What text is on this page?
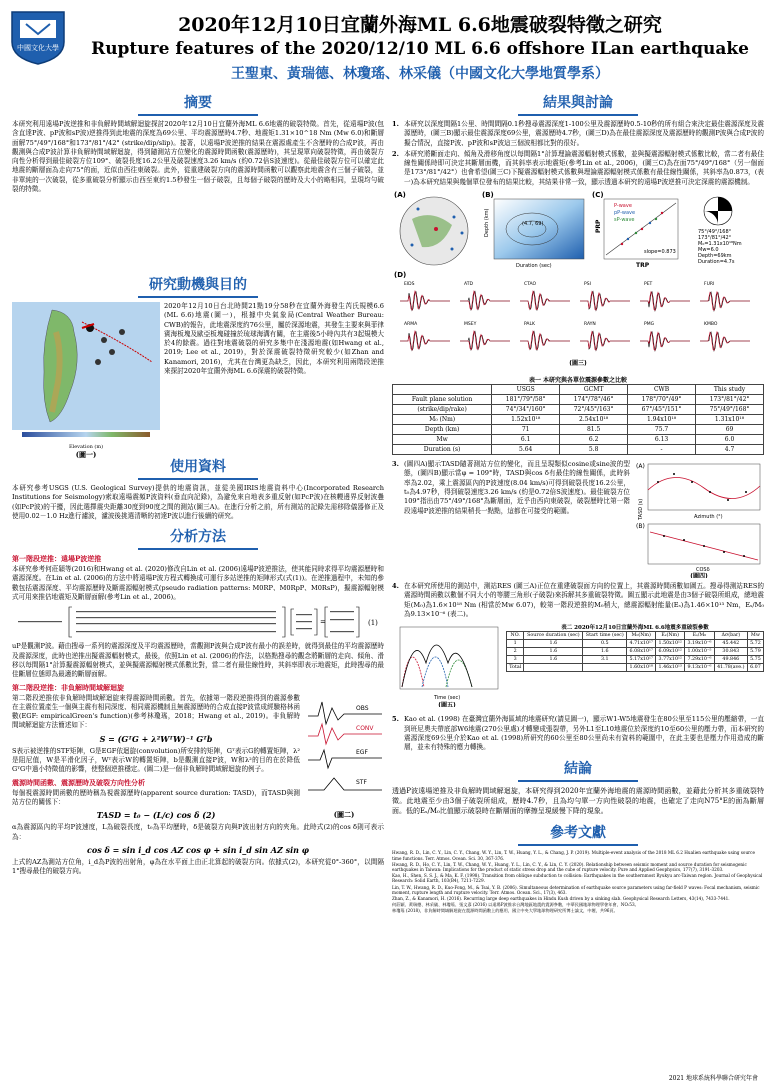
中國文化大學
2020年12月10日宜蘭外海ML 6.6地震破裂特徵之研究
Rupture features of the 2020/12/10 ML 6.6 offshore ILan earthquake
王聖東、黃瑞德、林瓊瑤、林采儀（中國文化大學地質學系）
摘要

本研究利用遠場P波逆推和非負解時間域解迴旋探討2020年12月10日宜蘭外海ML 6.6地震的破裂特徵。首先，從遠場P波(包含直達P波、pP波和sP波)逆推得到此地震的深度為69公里、平均震源歷時4.7秒、地震矩1.31×10^18 Nm (Mw 6.0)和斷層面解75°/49°/168°和173°/81°/42° (strike/dip/slip)。接著，以遠場P波逆推的結果在震源處產生不含歷時的合成P波，再由觀測與合成P波計算非負解時間域解迴旋，得到隨測站方位變化的震源時間函數(震源歷時)，其呈現單向破裂特徵，再由破裂方向性分析得到最佳破裂方位109°、破裂長度16.2公里及破裂速度3.26 km/s (約0.72倍S波速度)。從最佳破裂方位可以確定此地震的斷層面為走向75°的面，近似由西往東破裂。此外，從重建破裂方向的震源時間函數可以觀察此地震含有三個子破裂，並非單純的一次破裂，從多重破裂分析顯示由西至東約1.5秒發生一個子破裂，且每個子破裂的歷時及大小的略相同，呈現均勻破裂的特徵。

研究動機與目的
Elevation (m)
(圖一)

2020年12月10日台北時間21點19分58秒在宜蘭外海發生芮氏規模6.6 (ML 6.6)地震(圖一)，根據中央氣象局(Central Weather Bureau: CWB)的報告，此地震深度約76公里，屬於深源地震，其發生主要來與菲律賓海板塊及歐亞板塊碰撞於琉球海溝有關，在主震後5小時內共有3起規模大於4的餘震。過往對地震破裂的研究多集中在淺源地震(如Hwang et al., 2019; Lee et al., 2019)，對於深震破裂特徵研究較少(如Zhan and Kanamori, 2016)，尤其在台灣更為缺乏，因此，本研究利用兩階段逆推來探討2020年宜蘭外海ML 6.6深震的破裂特徵。

使用資料

本研究參考USGS (U.S. Geological Survey)提供的地震資訊，並從美國IRIS地震資料中心(Incorporated Research Institutions for Seismology)索取遠場震頻P波資料(垂直向記錄)，為避免來自地表多重反射(如PcP波)在核幔邊界反射波疊(如PcP波)的干擾，因此選擇震央距離30度到90度之間的測站(圖三A)。在進行分析之前，所有測站的記錄先需移除儀器修正及使用0.02－1.0 Hz進行濾波，濾波後挑選清晰的初達P波以進行後續的研究。

分析方法
第一階段逆推：遠場P波逆推

本研究參考何莊穎等(2016)和Hwang et al. (2020)修改自Lin et al. (2006)遠場P波逆推法，使其能同時求得平均震源歷時和震源深度。在Lin et al. (2006)的方法中將遠場P波方程式轉換成可運行多站逆推的矩陣形式(式(1))。在逆推過程中，未知的參數包括震源深度、平均震源歷時及斷震源輻射模式(pseudo radiation patterns: M0RP、M0RpP、M0RsP)，擬震源輻射模式可用來推估地震矩及斷層面解(參考Lin et al., 2006)。

=	(1)

uP是觀測P波。藉由搜尋一系列的震源深度及平均震源歷時，當觀測P波與合成P波有最小的誤差時，就得到最佳的平均震源歷時及震源深度，此時也逆推出擬震源輻射模式，最後，依照Lin et al. (2006)的作法，以格點搜尋的觀念將斷層的走向、傾角、滑移以每間隔1°計算擬震源輻射模式，並與擬震源輻射模式係數比對，當二者有最佳線性時，其斜率即表示地震矩，此時搜尋的最佳斷層位態即為最適的斷層面解。

第二階段逆推：非負解時間域解迴旋
OBS
CONV
EGF
STF
(圖二)

第二階段逆推依非負解時間域解迴旋來得震源時間函數。首先，依據第一階段逆推得到的震源參數在主震位置產生一個與主震有相同深度、相同震源機制且無震源歷時的合成直接P波當成經驗格林函數(EGF: empiricalGreen's function)(參考林瓊瑤，2018；Hwang et al., 2019)。非負解時間域解迴旋方法簡述如下：

S = (GᵀG + λ²WᵀW)⁻¹ Gᵀb

S表示被逆推的STF矩陣，G是EGF依迴旋(convolution)所安排的矩陣，Gᵀ表示G的轉置矩陣，λ²是阻尼值，W是平滑化因子，Wᵀ表示W的轉置矩陣，b是觀測直接P波，W和λ²的目的在於降低GᵀG中過小特徵值的影響，使整個逆推穩定。(圖二)是一個非負解時間域解迴旋的例子。

震源時間函數、震源歷時及破裂方向性分析

每個視震源時間函數的歷時稱為視震源歷時(apparent source duration: TASD)，而TASD與測站方位的關係下：

TASD = t₀ − (L/c) cos δ (2)

α為震源區內的平均P波速度，L為破裂長度，t₀為平均歷時，δ是破裂方向與P波出射方向的夾角。此時式(2)的cos δ則可表示為：

cos δ = sin i_d cos AZ cos φ + sin i_d sin AZ sin φ

上式的AZ為測站方位角，i_d為P波的出射角，φ為在水平面上由正北算起的破裂方向。依據式(2)，本研究從0°-360°，以間隔1°搜尋最佳的破裂方向。

結果與討論
1. 本研究以深度間隔1公里、時間間隔0.1秒搜尋震源深度1-100公里及震源歷時0.5-10秒的所有組合來決定最佳震源深度及震源歷時，(圖三B)顯示最佳震源深度69公里，震源歷時4.7秒，(圖三D)為在最佳震源深度及震源歷時的觀測P波與合成P波的擬合情況，直接P波、pP波和sP波這三個波相都比對的很好。
2. 本研究將斷面走向、傾角及滑移角度以每間隔1°計算理論震源輻射模式係數，並與擬震源輻射模式係數比較，當二者有最佳線性關係時即可決定其斷層面機，而其斜率表示地震矩(參考Lin et al., 2006)，(圖三C)為在面75°/49°/168°（另一個面是173°/81°/42°）也會希望(圖三C)下擬震源輻射模式係數與理論震源輻射模式係數有最佳線性關係，其斜率為0.873，(表一)為本研究結果與幾個單位發布的結果比較，其結果非常一致，顯示透過本研究的遠場P波逆推可決定深震的震源機制。
(A)	(B)
(4.7, 69)
Duration (sec)
Depth (km)
(C)
P-wave
pP-wave
sP-wave
slope=0.873
TRP
PRP	75°/49°/168°
173°/81°/42°
M₀=1.31x10¹⁸Nm
Mw=6.0
Depth=69km
Duration=4.7s
(D)
EIDS	ATD	CTAO	PSI	PET	FURI
ARMA	MSEY	PALK	RAYN	PMG	KMBO
(圖三)
表一 本研究與各單位震源參數之比較
	USGS	GCMT	CWB	This study
Fault plane solution	181°/79°/58°	174°/78°/46°	178°/70°/49°	173°/81°/42°
(strike/dip/rake)	74°/34°/160°	72°/45°/163°	67°/45°/151°	75°/49°/168°
M₀ (Nm)	1.52x10¹⁸	2.54x10¹⁸	1.94x10¹⁸	1.31x10¹⁸
Depth (km)	71	81.5	75.7	69
Mw	6.1	6.2	6.13	6.0
Duration (s)	5.64	5.8	-	4.7
3. (圖四A)顯示TASD隨著測站方位的變化，而且呈現類似cosine或sine波的型態，(圖四B)顯示當φ = 109°時，TASD與cos δ有最佳的線性關係，此時斜率為2.02，乘上震源區內的P波速度(8.04 km/s)可得到破裂長度16.2公里，t₀為4.97秒，得到破裂速度3.26 km/s (約是0.72倍S波速度)。最佳破裂方位109°指出由75°/49°/168°為斷層面，近乎由西向東破裂，破裂歷時比第一階段遠場P波逆推的結果稍長一點點，這都在可接受的範圍。
(A)
Azimuth (°)
(B)
COSδ
TASD (s)
(圖四)
4. 在本研究所使用的測站中，測站RES (圖三A)正位在重建破裂面方向的位置上，其震源時間函數如圖五。搜尋得測站RES的震源時間函數以數個不同大小的等腰三角形(子破裂)來拆解其多重破裂特徵。圖五顯示此地震是由3個子破裂所組成，總地震矩(M₀)為1.6×10¹⁸ Nm (相當於Mw 6.07)，較第一階段逆推的M₀稍大，總震源輻射能量(Eₛ)為1.46×10¹³ Nm，Eₛ/M₀為9.13×10⁻⁶ (表二)。
Time (sec)
(圖五)
表二 2020年12月10日宜蘭外海ML 6.6地震多重破裂參數
NO.	Source duration (sec)	Start time (sec)	M₀(Nm)	Eₛ(Nm)	Eₛ/M₀	Δσ(bar)	Mw
1	1.6	0.5	4.71x10¹⁷	1.50x10¹²	3.19x10⁻⁶	45.442	5.72
2	1.6	1.6	6.08x10¹⁷	6.09x10¹²	1.00x10⁻⁵	30.843	5.79
3	1.6	3.1	5.17x10¹⁷	3.77x10¹²	7.29x10⁻⁶	49.846	5.75
Total			1.60x10¹⁸	1.46x10¹³	9.13x10⁻⁶	41.78(ave.)	6.07
5. Kao et al. (1998) 在臺灣宜蘭外海區域的地震研究(請見圖一)，顯示W1-W5地震發生在80公里至115公里的壓縮帶，一直到班尼奧夫帶底部W6地震(270公里處)才轉變成張裂帶，另外L1至L10地震位於深度約10至60公里的壓力帶，而本研究的震源深度69公里介於Kao et al. (1998)所研究的60公里至80公里尚未有資料的範圍中，在此主要也是壓力作用造成的斷層，並未有特殊的應力轉換。
結論

透過P波遠場逆推及非負解時間域解迴旋，本研究得到2020年宜蘭外海地震的震源時間函數，並藉此分析其多重破裂特徵。此地震至少由3個子破裂所組成，歷時4.7秒，且為均勻單一方向性破裂的地震，也確定了走向N75°E的面為斷層面。低的Eₛ/M₀比值顯示破裂時在斷層面的摩擦呈現緩慢下降的現象。

參考文獻

Hwang, R. D., Lin, C. Y., Lin, C. Y., Chang, W. Y., Lin, T. W., Huang, Y. L., & Chang, J. P. (2019). Multiple-event analysis of the 2018 ML 6.2 Hualien earthquake using source time functions. Terr. Atmos. Ocean. Sci. 30, 367-376.

Hwang, R. D., Ho, C. Y., Lin, T. W., Chang, W. Y., Huang, Y. L., Lin, C. Y., & Lin, C. Y. (2020). Relationship between seismic moment and source duration for seismogenic earthquakes in Taiwan: Implications for the product of static stress drop and the cube of rupture velocity. Pure and Applied Geophysics, 177(7), 3191-3203.

Kao, H., Shen, S. S. J., & Ma, K. F. (1998). Transition from oblique subduction to collision: Earthquakes in the southernmost Ryukyu arc-Taiwan region. Journal of Geophysical Research: Solid Earth, 103(B4), 7211-7229.

Lin, T. W., Hwang, R. D., Kuo-Fong, M., & Tsai, Y. B. (2006). Simultaneous determination of earthquake source parameters using far-field P waves: Focal mechanism, seismic moment, rupture length and rupture velocity. Terr. Atmos. Ocean. Sci., 17(3), 463.

Zhan, Z., & Kanamori, H. (2016). Recurring large deep earthquakes in Hindu Kush driven by a sinking slab. Geophysical Research Letters, 43(14), 7433-7441.

何莊穎、黃瑞德、林采儀、林瓊瑤、張文彥 (2016) 以遠場P波推求台灣地區地震的震源參數，中華民國地球物理學會年會，NO:53。

林瓊瑤 (2018)，非負解時間域解迴旋在震源時間函數上的應用，國立中央大學地球物理研究所博士論文，中壢，共96頁。

2021 地球系統科學聯合研究年會
